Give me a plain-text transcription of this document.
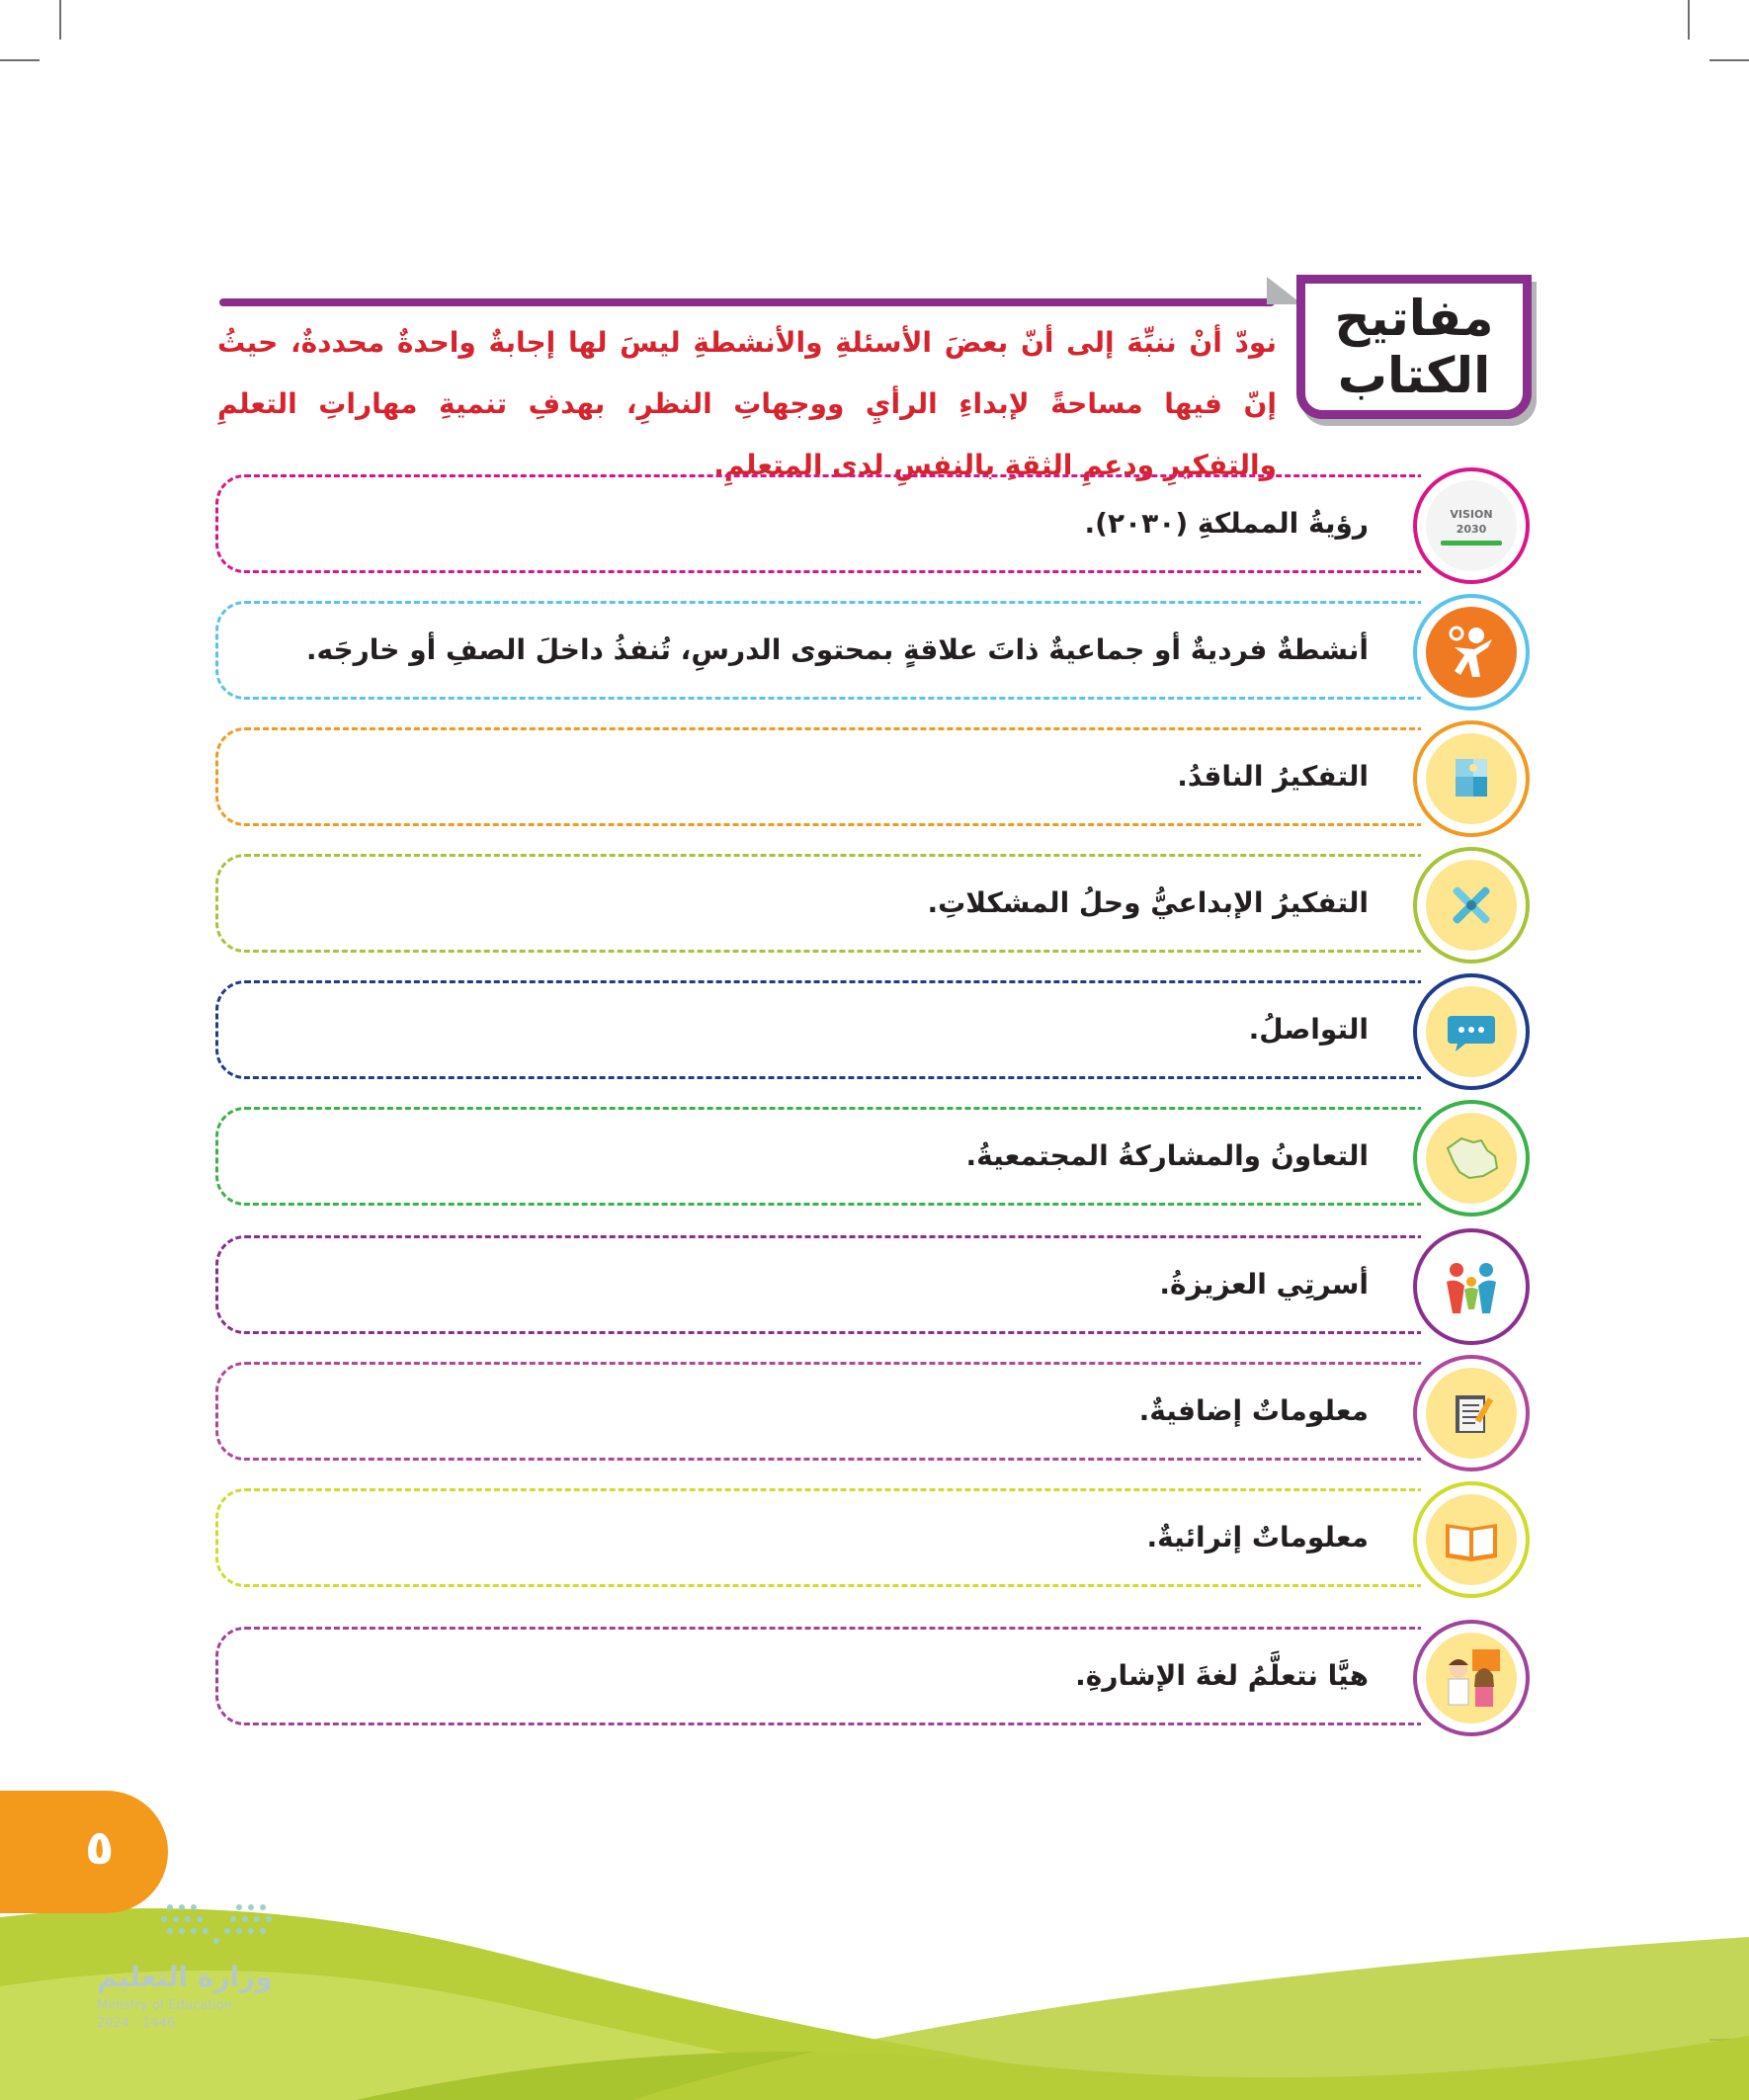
مفاتيح
الكتاب
نودّ أنْ ننبِّهَ إلى أنّ بعضَ الأسئلةِ والأنشطةِ ليسَ لها إجابةٌ واحدةٌ محددةٌ، حيثُ إنّ فيها مساحةً لإبداءِ الرأيِ ووجهاتِ النظرِ، بهدفِ تنميةِ مهاراتِ التعلمِ والتفكيرِ ودعمِ الثقةِ بالنفسِ لدى المتعلمِ.
VISION 2030
رؤيةُ المملكةِ (٢٠٣٠).
أنشطةٌ فرديةٌ أو جماعيةٌ ذاتَ علاقةٍ بمحتوى الدرسِ، تُنفذُ داخلَ الصفِ أو خارجَه.
التفكيرُ الناقدُ.
التفكيرُ الإبداعيُّ وحلُ المشكلاتِ.
التواصلُ.
التعاونُ والمشاركةُ المجتمعيةُ.
أسرتِي العزيزةُ.
معلوماتٌ إضافيةٌ.
معلوماتٌ إثرائيةٌ.
هيَّا نتعلَّمُ لغةَ الإشارةِ.
٥
وزارة التعليم
Ministry of Education
2024 - 1446
